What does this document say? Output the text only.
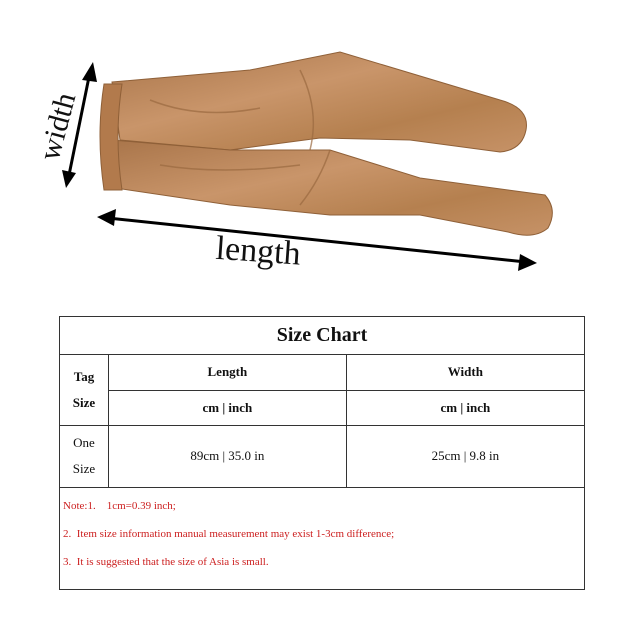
width
length
Size Chart
Tag
Size	Length	Width
	cm | inch	cm | inch

One
Size	89cm | 35.0 in	25cm | 9.8 in
Note:1.    1cm=0.39 inch;
2.  Item size information manual measurement may exist 1-3cm difference;
3.  It is suggested that the size of Asia is small.
